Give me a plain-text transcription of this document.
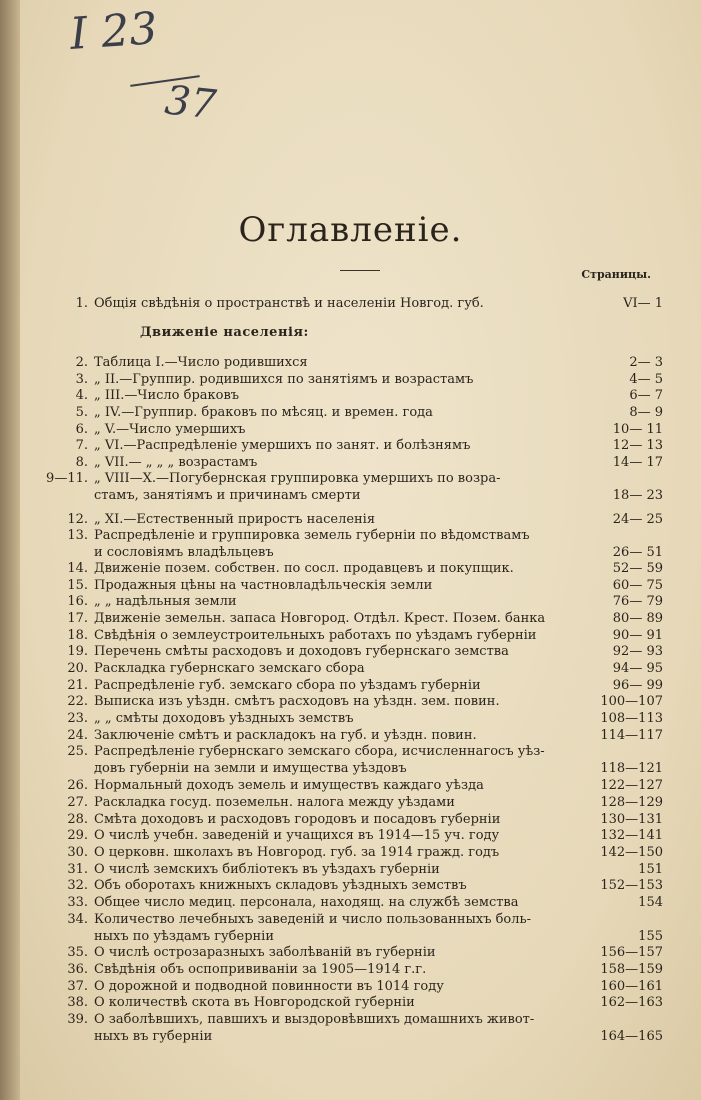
I 23
37
Оглавленіе.
Страницы.
Движеніе населенія:
1. Общія свѣдѣнія о пространствѣ и населеніи Новгод. губ.	VI— 1
2. Таблица I.—Число родившихся	2— 3
3. „ II.—Группир. родившихся по занятіямъ и возрастамъ	4— 5
4. „ III.—Число браковъ	6— 7
5. „ IV.—Группир. браковъ по мѣсяц. и времен. года	8— 9
6. „ V.—Число умершихъ	10— 11
7. „ VI.—Распредѣленіе умершихъ по занят. и болѣзнямъ	12— 13
8. „ VII.— „ „ „ возрастамъ	14— 17
9—11. „ VIII—X.—Погубернская группировка умершихъ по возра-
стамъ, занятіямъ и причинамъ смерти	18— 23
12. „ XI.—Естественный приростъ населенія	24— 25
13. Распредѣленіе и группировка земель губерніи по вѣдомствамъ
и сословіямъ владѣльцевъ	26— 51
14. Движеніе позем. собствен. по сосл. продавцевъ и покупщик.	52— 59
15. Продажныя цѣны на частновладѣльческія земли	60— 75
16. „ „ надѣльныя земли	76— 79
17. Движеніе земельн. запаса Новгород. Отдѣл. Крест. Позем. банка	80— 89
18. Свѣдѣнія о землеустроительныхъ работахъ по уѣздамъ губерніи	90— 91
19. Перечень смѣты расходовъ и доходовъ губернскаго земства	92— 93
20. Раскладка губернскаго земскаго сбора	94— 95
21. Распредѣленіе губ. земскаго сбора по уѣздамъ губерніи	96— 99
22. Выписка изъ уѣздн. смѣтъ расходовъ на уѣздн. зем. повин.	100—107
23. „ „ смѣты доходовъ уѣздныхъ земствъ	108—113
24. Заключеніе смѣтъ и раскладокъ на губ. и уѣздн. повин.	114—117
25. Распредѣленіе губернскаго земскаго сбора, исчисленнагосъ уѣз-
довъ губерніи на земли и имущества уѣздовъ	118—121
26. Нормальный доходъ земель и имуществъ каждаго уѣзда	122—127
27. Раскладка госуд. поземельн. налога между уѣздами	128—129
28. Смѣта доходовъ и расходовъ городовъ и посадовъ губерніи	130—131
29. О числѣ учебн. заведеній и учащихся въ 1914—15 уч. году	132—141
30. О церковн. школахъ въ Новгород. губ. за 1914 гражд. годъ	142—150
31. О числѣ земскихъ библіотекъ въ уѣздахъ губерніи	151
32. Объ оборотахъ книжныхъ складовъ уѣздныхъ земствъ	152—153
33. Общее число медиц. персонала, находящ. на службѣ земства	154
34. Количество лечебныхъ заведеній и число пользованныхъ боль-
ныхъ по уѣздамъ губерніи	155
35. О числѣ острозаразныхъ заболѣваній въ губерніи	156—157
36. Свѣдѣнія объ оспопрививаніи за 1905—1914 г.г.	158—159
37. О дорожной и подводной повинности въ 1014 году	160—161
38. О количествѣ скота въ Новгородской губерніи	162—163
39. О заболѣвшихъ, павшихъ и выздоровѣвшихъ домашнихъ живот-
ныхъ въ губерніи	164—165
